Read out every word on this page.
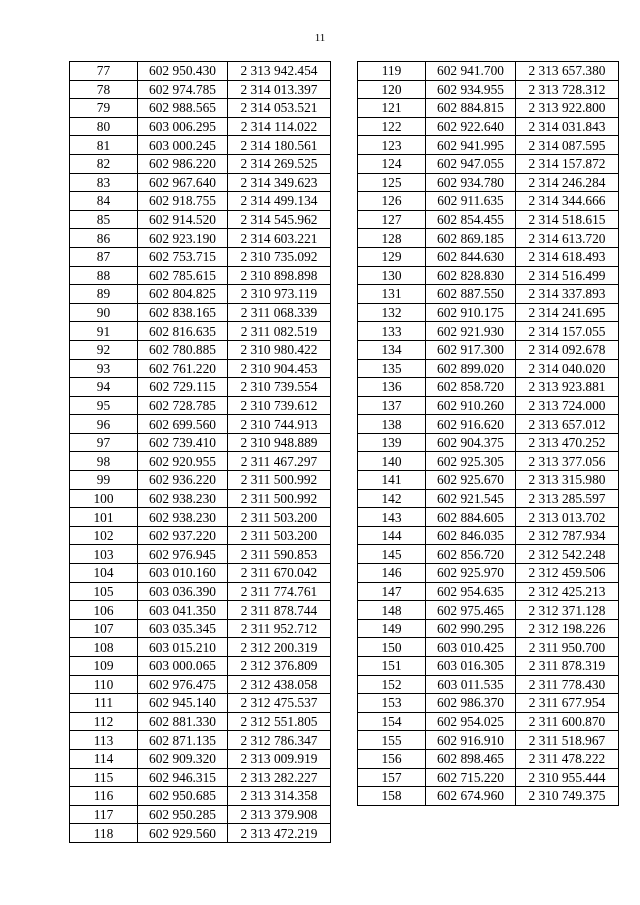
11
77	602 950.430	2 313 942.454
78	602 974.785	2 314 013.397
79	602 988.565	2 314 053.521
80	603 006.295	2 314 114.022
81	603 000.245	2 314 180.561
82	602 986.220	2 314 269.525
83	602 967.640	2 314 349.623
84	602 918.755	2 314 499.134
85	602 914.520	2 314 545.962
86	602 923.190	2 314 603.221
87	602 753.715	2 310 735.092
88	602 785.615	2 310 898.898
89	602 804.825	2 310 973.119
90	602 838.165	2 311 068.339
91	602 816.635	2 311 082.519
92	602 780.885	2 310 980.422
93	602 761.220	2 310 904.453
94	602 729.115	2 310 739.554
95	602 728.785	2 310 739.612
96	602 699.560	2 310 744.913
97	602 739.410	2 310 948.889
98	602 920.955	2 311 467.297
99	602 936.220	2 311 500.992
100	602 938.230	2 311 500.992
101	602 938.230	2 311 503.200
102	602 937.220	2 311 503.200
103	602 976.945	2 311 590.853
104	603 010.160	2 311 670.042
105	603 036.390	2 311 774.761
106	603 041.350	2 311 878.744
107	603 035.345	2 311 952.712
108	603 015.210	2 312 200.319
109	603 000.065	2 312 376.809
110	602 976.475	2 312 438.058
111	602 945.140	2 312 475.537
112	602 881.330	2 312 551.805
113	602 871.135	2 312 786.347
114	602 909.320	2 313 009.919
115	602 946.315	2 313 282.227
116	602 950.685	2 313 314.358
117	602 950.285	2 313 379.908
118	602 929.560	2 313 472.219
119	602 941.700	2 313 657.380
120	602 934.955	2 313 728.312
121	602 884.815	2 313 922.800
122	602 922.640	2 314 031.843
123	602 941.995	2 314 087.595
124	602 947.055	2 314 157.872
125	602 934.780	2 314 246.284
126	602 911.635	2 314 344.666
127	602 854.455	2 314 518.615
128	602 869.185	2 314 613.720
129	602 844.630	2 314 618.493
130	602 828.830	2 314 516.499
131	602 887.550	2 314 337.893
132	602 910.175	2 314 241.695
133	602 921.930	2 314 157.055
134	602 917.300	2 314 092.678
135	602 899.020	2 314 040.020
136	602 858.720	2 313 923.881
137	602 910.260	2 313 724.000
138	602 916.620	2 313 657.012
139	602 904.375	2 313 470.252
140	602 925.305	2 313 377.056
141	602 925.670	2 313 315.980
142	602 921.545	2 313 285.597
143	602 884.605	2 313 013.702
144	602 846.035	2 312 787.934
145	602 856.720	2 312 542.248
146	602 925.970	2 312 459.506
147	602 954.635	2 312 425.213
148	602 975.465	2 312 371.128
149	602 990.295	2 312 198.226
150	603 010.425	2 311 950.700
151	603 016.305	2 311 878.319
152	603 011.535	2 311 778.430
153	602 986.370	2 311 677.954
154	602 954.025	2 311 600.870
155	602 916.910	2 311 518.967
156	602 898.465	2 311 478.222
157	602 715.220	2 310 955.444
158	602 674.960	2 310 749.375
